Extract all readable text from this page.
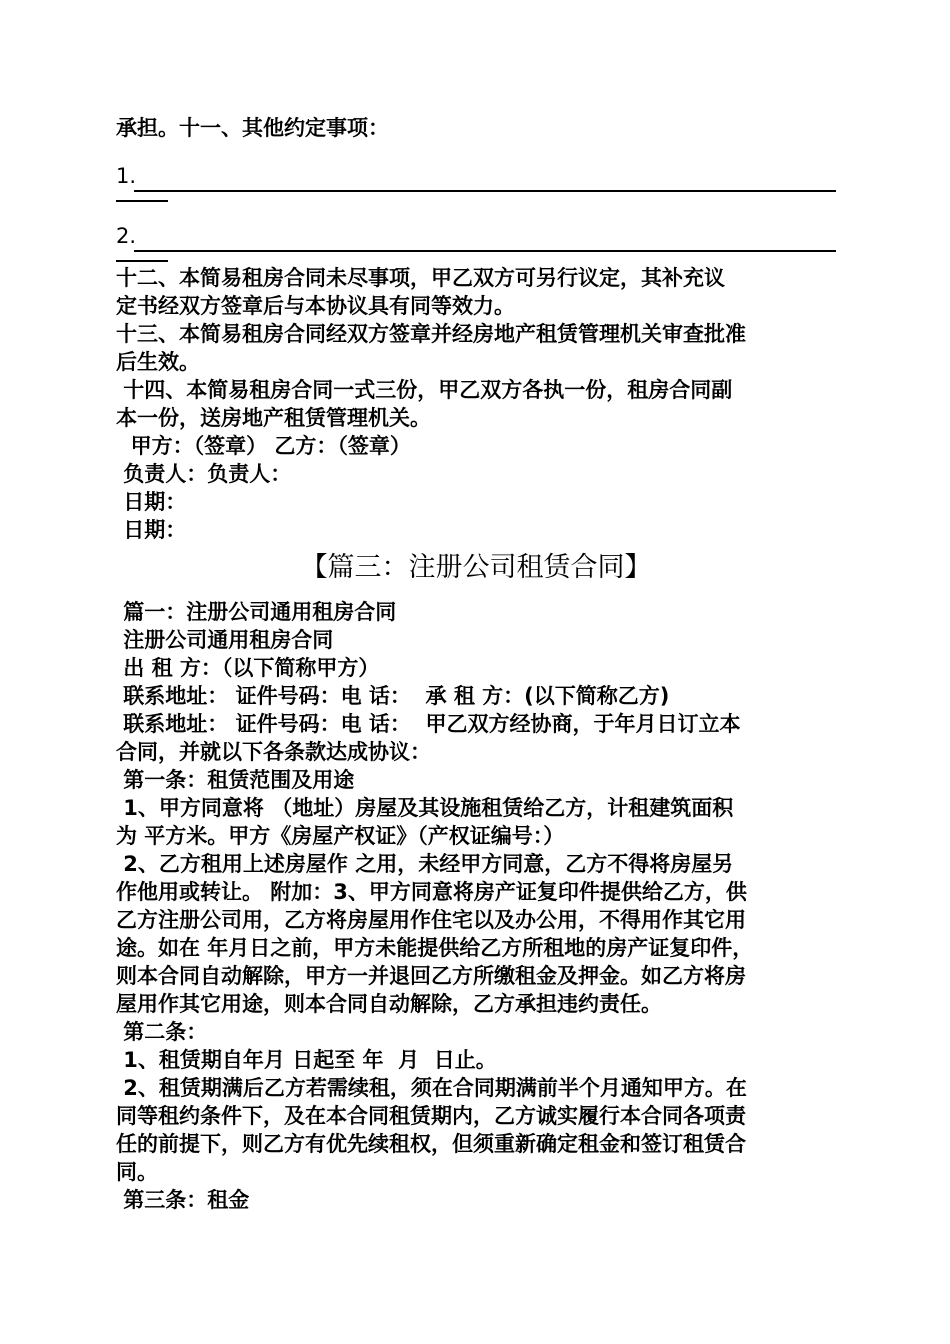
承担。十一、其他约定事项：
1.
2.
十二、本简易租房合同未尽事项，甲乙双方可另行议定，其补充议
定书经双方签章后与本协议具有同等效力。
十三、本简易租房合同经双方签章并经房地产租赁管理机关审查批准
后生效。
十四、本简易租房合同一式三份，甲乙双方各执一份，租房合同副
本一份，送房地产租赁管理机关。
甲方：（签章） 乙方：（签章）
负责人：负责人：
日期：
日期：
【篇三：注册公司租赁合同】
篇一：注册公司通用租房合同
注册公司通用租房合同
出 租 方：（以下简称甲方）
联系地址： 证件号码：电 话：  承 租 方：(以下简称乙方)
联系地址： 证件号码：电 话：  甲乙双方经协商，于年月日订立本
合同，并就以下各条款达成协议：
第一条：租赁范围及用途
1、甲方同意将 （地址）房屋及其设施租赁给乙方，计租建筑面积
为 平方米。甲方《房屋产权证》（产权证编号：）
2、乙方租用上述房屋作 之用，未经甲方同意，乙方不得将房屋另
作他用或转让。 附加：3、甲方同意将房产证复印件提供给乙方，供
乙方注册公司用，乙方将房屋用作住宅以及办公用，不得用作其它用
途。如在 年月日之前，甲方未能提供给乙方所租地的房产证复印件，
则本合同自动解除，甲方一并退回乙方所缴租金及押金。如乙方将房
屋用作其它用途，则本合同自动解除，乙方承担违约责任。
第二条：
1、租赁期自年月 日起至 年  月  日止。
2、租赁期满后乙方若需续租，须在合同期满前半个月通知甲方。在
同等租约条件下，及在本合同租赁期内，乙方诚实履行本合同各项责
任的前提下，则乙方有优先续租权，但须重新确定租金和签订租赁合
同。
第三条：租金
